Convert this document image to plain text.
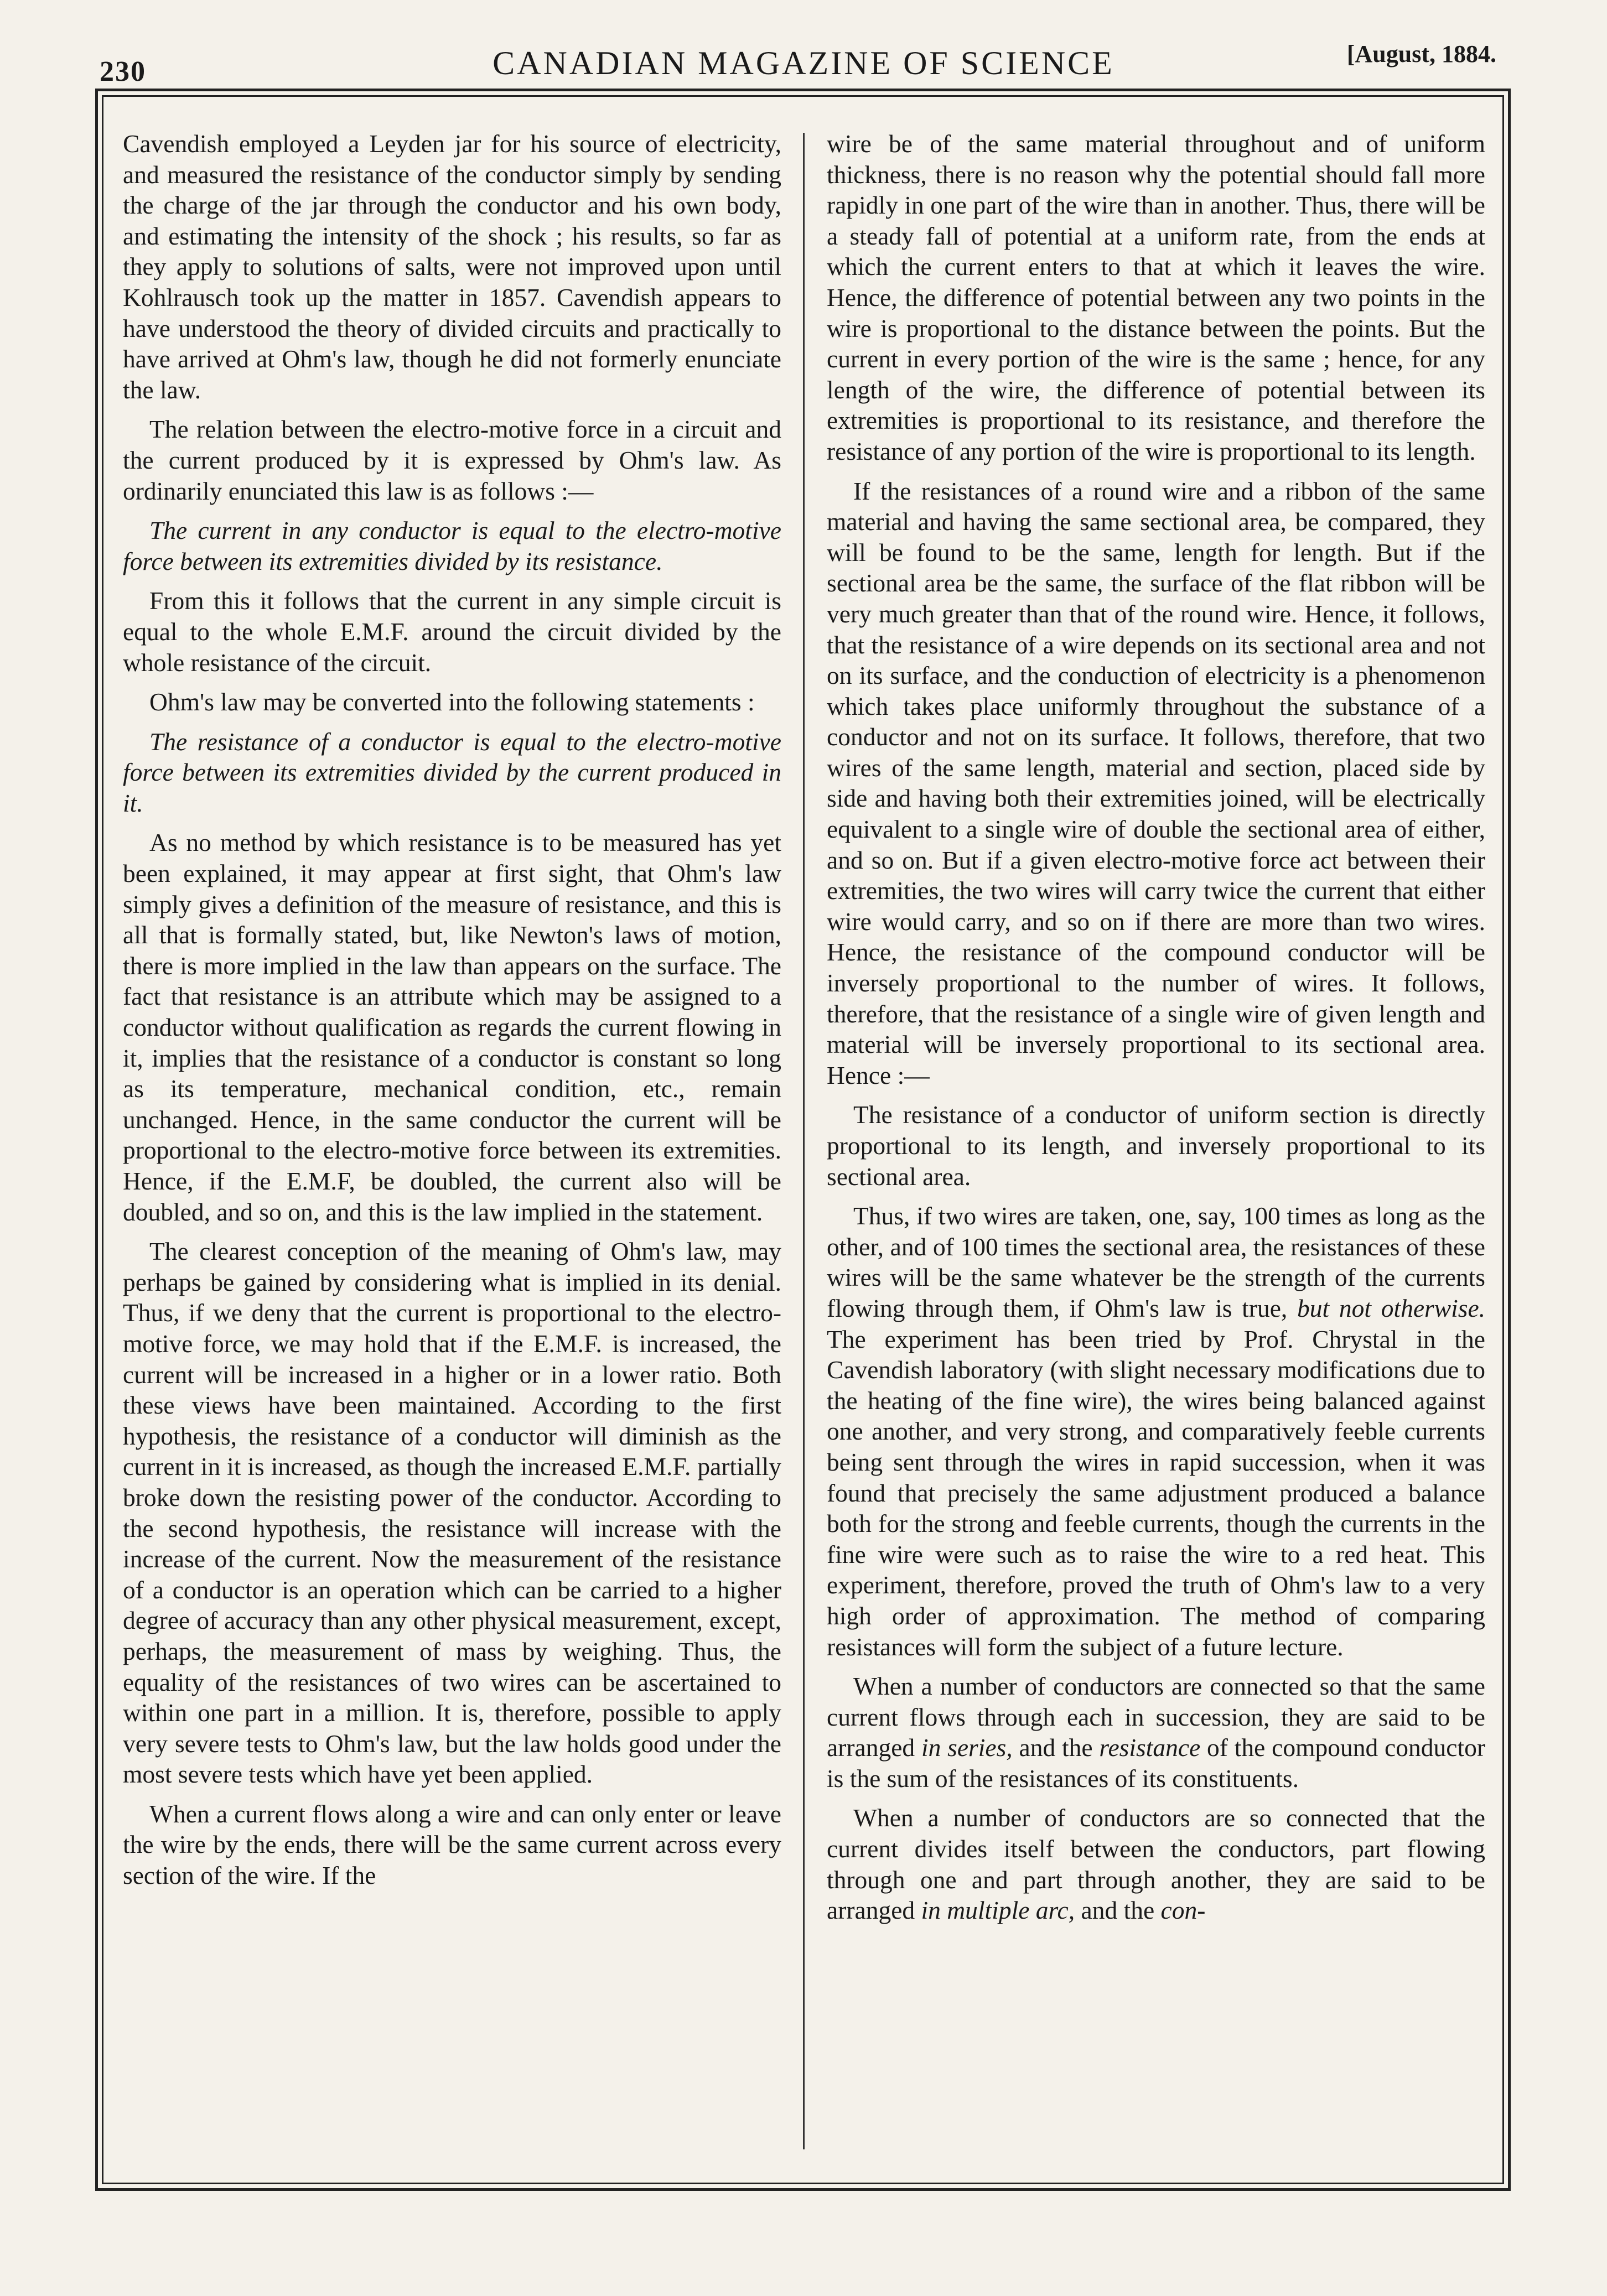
230	CANADIAN MAGAZINE OF SCIENCE	[August, 1884.

Cavendish employed a Leyden jar for his source of electricity, and measured the resistance of the conductor simply by sending the charge of the jar through the conductor and his own body, and estimating the intensity of the shock ; his results, so far as they apply to solutions of salts, were not improved upon until Kohlrausch took up the matter in 1857. Cavendish appears to have understood the theory of divided circuits and practically to have arrived at Ohm's law, though he did not formerly enunciate the law.

The relation between the electro-motive force in a circuit and the current produced by it is expressed by Ohm's law. As ordinarily enunciated this law is as follows :—

The current in any conductor is equal to the electro-motive force between its extremities divided by its resistance.

From this it follows that the current in any simple circuit is equal to the whole E.M.F. around the circuit divided by the whole resistance of the circuit.

Ohm's law may be converted into the following statements :

The resistance of a conductor is equal to the electro-motive force between its extremities divided by the current produced in it.

As no method by which resistance is to be measured has yet been explained, it may appear at first sight, that Ohm's law simply gives a definition of the measure of resistance, and this is all that is formally stated, but, like Newton's laws of motion, there is more implied in the law than appears on the surface. The fact that resistance is an attribute which may be assigned to a conductor without qualification as regards the current flowing in it, implies that the resistance of a conductor is constant so long as its temperature, mechanical condition, etc., remain unchanged. Hence, in the same conductor the current will be proportional to the electro-motive force between its extremities. Hence, if the E.M.F, be doubled, the current also will be doubled, and so on, and this is the law implied in the statement.

The clearest conception of the meaning of Ohm's law, may perhaps be gained by considering what is implied in its denial. Thus, if we deny that the current is proportional to the electro-motive force, we may hold that if the E.M.F. is increased, the current will be increased in a higher or in a lower ratio. Both these views have been maintained. According to the first hypothesis, the resistance of a conductor will diminish as the current in it is increased, as though the increased E.M.F. partially broke down the resisting power of the conductor. According to the second hypothesis, the resistance will increase with the increase of the current. Now the measurement of the resistance of a conductor is an operation which can be carried to a higher degree of accuracy than any other physical measurement, except, perhaps, the measurement of mass by weighing. Thus, the equality of the resistances of two wires can be ascertained to within one part in a million. It is, therefore, possible to apply very severe tests to Ohm's law, but the law holds good under the most severe tests which have yet been applied.

When a current flows along a wire and can only enter or leave the wire by the ends, there will be the same current across every section of the wire. If the

wire be of the same material throughout and of uniform thickness, there is no reason why the potential should fall more rapidly in one part of the wire than in another. Thus, there will be a steady fall of potential at a uniform rate, from the ends at which the current enters to that at which it leaves the wire. Hence, the difference of potential between any two points in the wire is proportional to the distance between the points. But the current in every portion of the wire is the same ; hence, for any length of the wire, the difference of potential between its extremities is proportional to its resistance, and therefore the resistance of any portion of the wire is proportional to its length.

If the resistances of a round wire and a ribbon of the same material and having the same sectional area, be compared, they will be found to be the same, length for length. But if the sectional area be the same, the surface of the flat ribbon will be very much greater than that of the round wire. Hence, it follows, that the resistance of a wire depends on its sectional area and not on its surface, and the conduction of electricity is a phenomenon which takes place uniformly throughout the substance of a conductor and not on its surface. It follows, therefore, that two wires of the same length, material and section, placed side by side and having both their extremities joined, will be electrically equivalent to a single wire of double the sectional area of either, and so on. But if a given electro-motive force act between their extremities, the two wires will carry twice the current that either wire would carry, and so on if there are more than two wires. Hence, the resistance of the compound conductor will be inversely proportional to the number of wires. It follows, therefore, that the resistance of a single wire of given length and material will be inversely proportional to its sectional area. Hence :—

The resistance of a conductor of uniform section is directly proportional to its length, and inversely proportional to its sectional area.

Thus, if two wires are taken, one, say, 100 times as long as the other, and of 100 times the sectional area, the resistances of these wires will be the same whatever be the strength of the currents flowing through them, if Ohm's law is true, but not otherwise. The experiment has been tried by Prof. Chrystal in the Cavendish laboratory (with slight necessary modifications due to the heating of the fine wire), the wires being balanced against one another, and very strong, and comparatively feeble currents being sent through the wires in rapid succession, when it was found that precisely the same adjustment produced a balance both for the strong and feeble currents, though the currents in the fine wire were such as to raise the wire to a red heat. This experiment, therefore, proved the truth of Ohm's law to a very high order of approximation. The method of comparing resistances will form the subject of a future lecture.

When a number of conductors are connected so that the same current flows through each in succession, they are said to be arranged in series, and the resistance of the compound conductor is the sum of the resistances of its constituents.

When a number of conductors are so connected that the current divides itself between the conductors, part flowing through one and part through another, they are said to be arranged in multiple arc, and the con-
